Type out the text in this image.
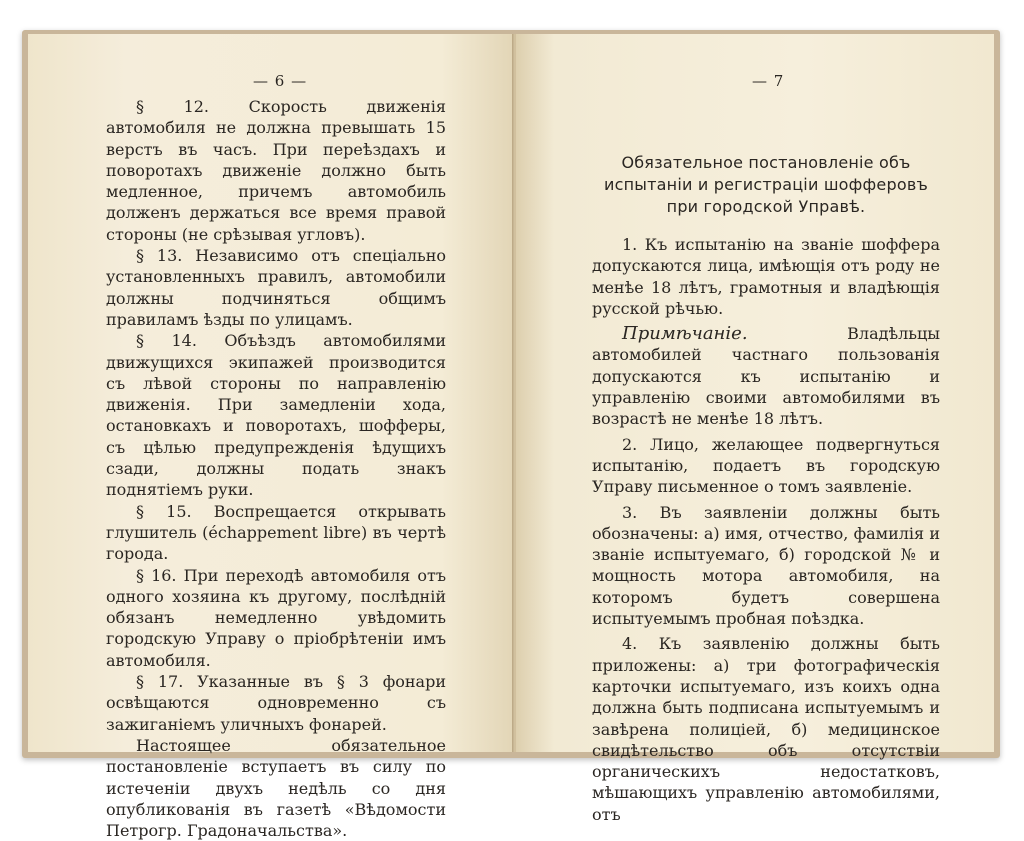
— 6 —

§ 12. Скорость движенія автомобиля не должна превышать 15 верстъ въ часъ. При переѣздахъ и поворотахъ движеніе должно быть медленное, причемъ автомобиль долженъ держаться все время правой стороны (не срѣзывая угловъ).

§ 13. Независимо отъ спеціально установленныхъ правилъ, автомобили должны подчиняться общимъ правиламъ ѣзды по улицамъ.

§ 14. Объѣздъ автомобилями движущихся экипажей производится съ лѣвой стороны по направленію движенія. При замедленіи хода, остановкахъ и поворотахъ, шофферы, съ цѣлью предупрежденія ѣдущихъ сзади, должны подать знакъ поднятіемъ руки.

§ 15. Воспрещается открывать глушитель (échappement libre) въ чертѣ города.

§ 16. При переходѣ автомобиля отъ одного хозяина къ другому, послѣдній обязанъ немедленно увѣдомить городскую Управу о пріобрѣтеніи имъ автомобиля.

§ 17. Указанные въ § 3 фонари освѣщаются одновременно съ зажиганіемъ уличныхъ фонарей.

Настоящее обязательное постановленіе вступаетъ въ силу по истеченіи двухъ недѣль со дня опубликованія въ газетѣ «Вѣдомости Петрогр. Градоначальства».

— 7

Обязательное постановленіе объ испытаніи и регистраціи шофферовъ при городской Управѣ.

1. Къ испытанію на званіе шоффера допускаются лица, имѣющія отъ роду не менѣе 18 лѣтъ, грамотныя и владѣющія русской рѣчью.

Примѣчаніе.	Владѣльцы автомобилей частнаго пользованія допускаются къ испытанію и управленію своими автомобилями въ возрастѣ не менѣе 18 лѣтъ.

2. Лицо, желающее подвергнуться испытанію, подаетъ въ городскую Управу письменное о томъ заявленіе.

3. Въ заявленіи должны быть обозначены: а) имя, отчество, фамилія и званіе испытуемаго, б) городской № и мощность мотора автомобиля, на которомъ будетъ совершена испытуемымъ пробная поѣздка.

4. Къ заявленію должны быть приложены: а) три фотографическія карточки испытуемаго, изъ коихъ одна должна быть подписана испытуемымъ и завѣрена полиціей, б) медицинское свидѣтельство объ отсутствіи органическихъ недостатковъ, мѣшающихъ управленію автомобилями, отъ
